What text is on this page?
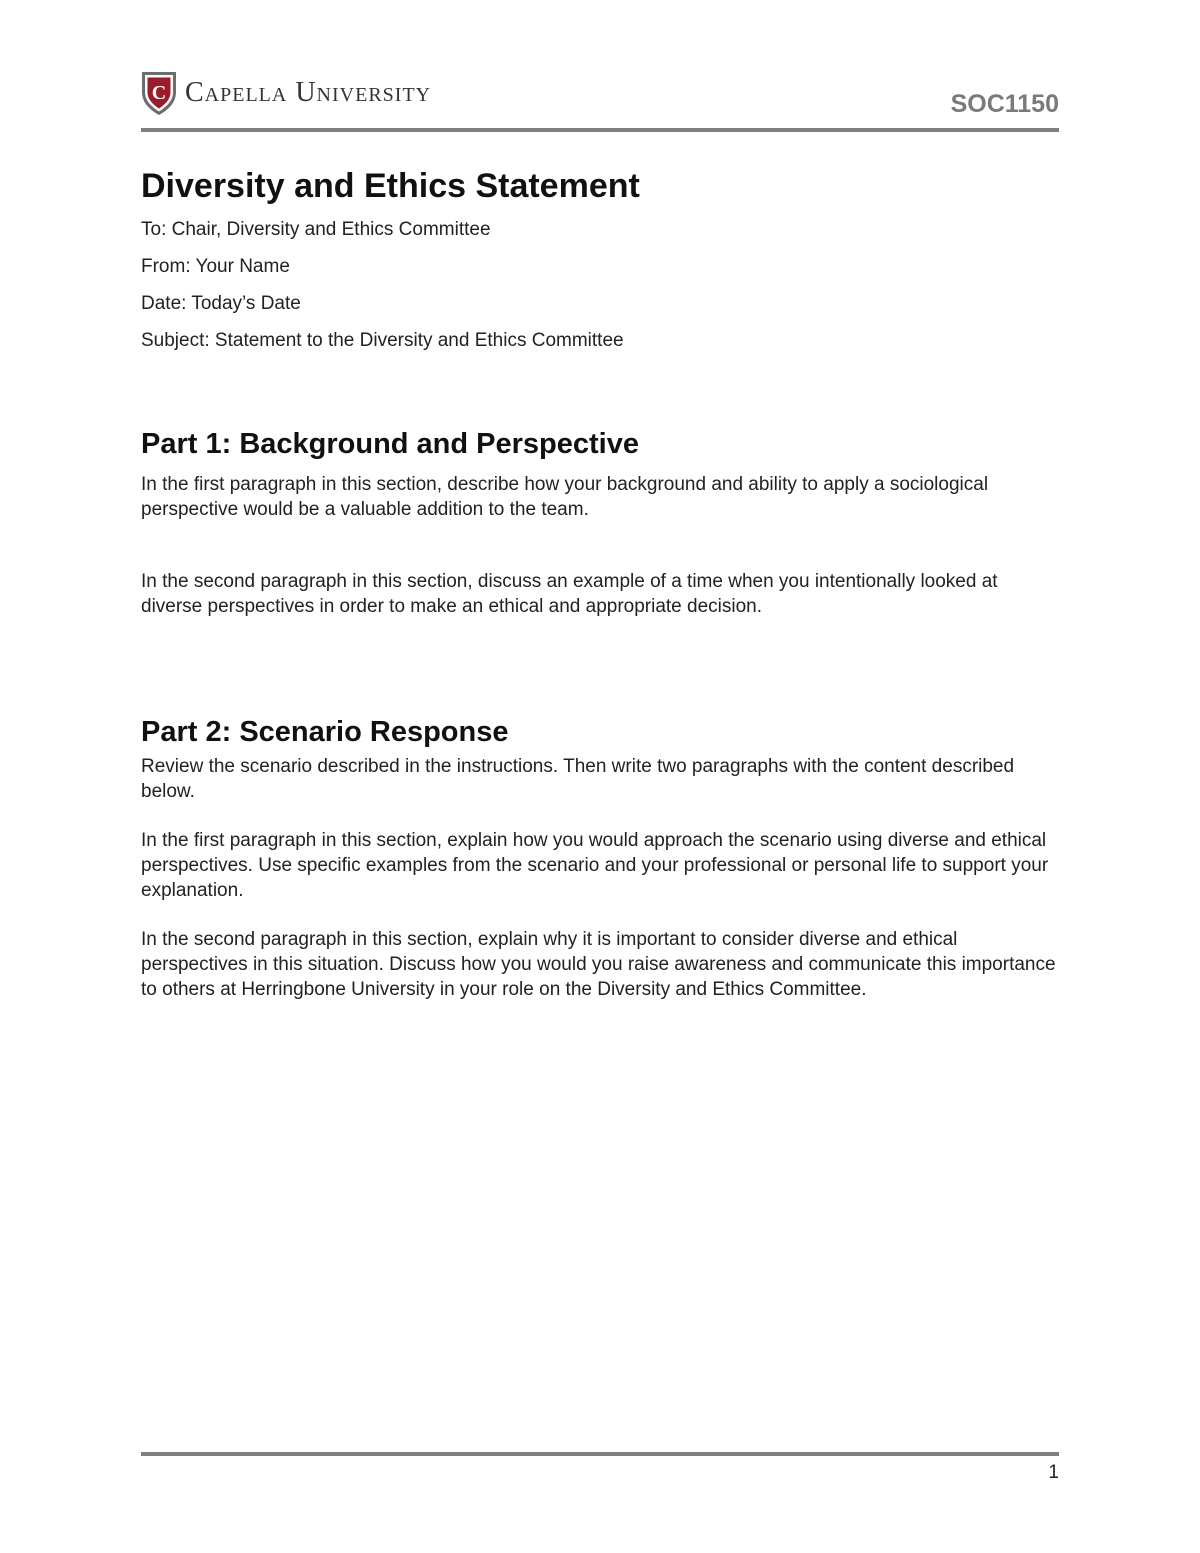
C Capella University	SOC1150
Diversity and Ethics Statement

To: Chair, Diversity and Ethics Committee

From: Your Name

Date: Today’s Date

Subject: Statement to the Diversity and Ethics Committee

Part 1: Background and Perspective

In the first paragraph in this section, describe how your background and ability to apply a sociological perspective would be a valuable addition to the team.

In the second paragraph in this section, discuss an example of a time when you intentionally looked at diverse perspectives in order to make an ethical and appropriate decision.

Part 2: Scenario Response

Review the scenario described in the instructions. Then write two paragraphs with the content described below.

In the first paragraph in this section, explain how you would approach the scenario using diverse and ethical perspectives. Use specific examples from the scenario and your professional or personal life to support your explanation.

In the second paragraph in this section, explain why it is important to consider diverse and ethical perspectives in this situation. Discuss how you would you raise awareness and communicate this importance to others at Herringbone University in your role on the Diversity and Ethics Committee.

1
